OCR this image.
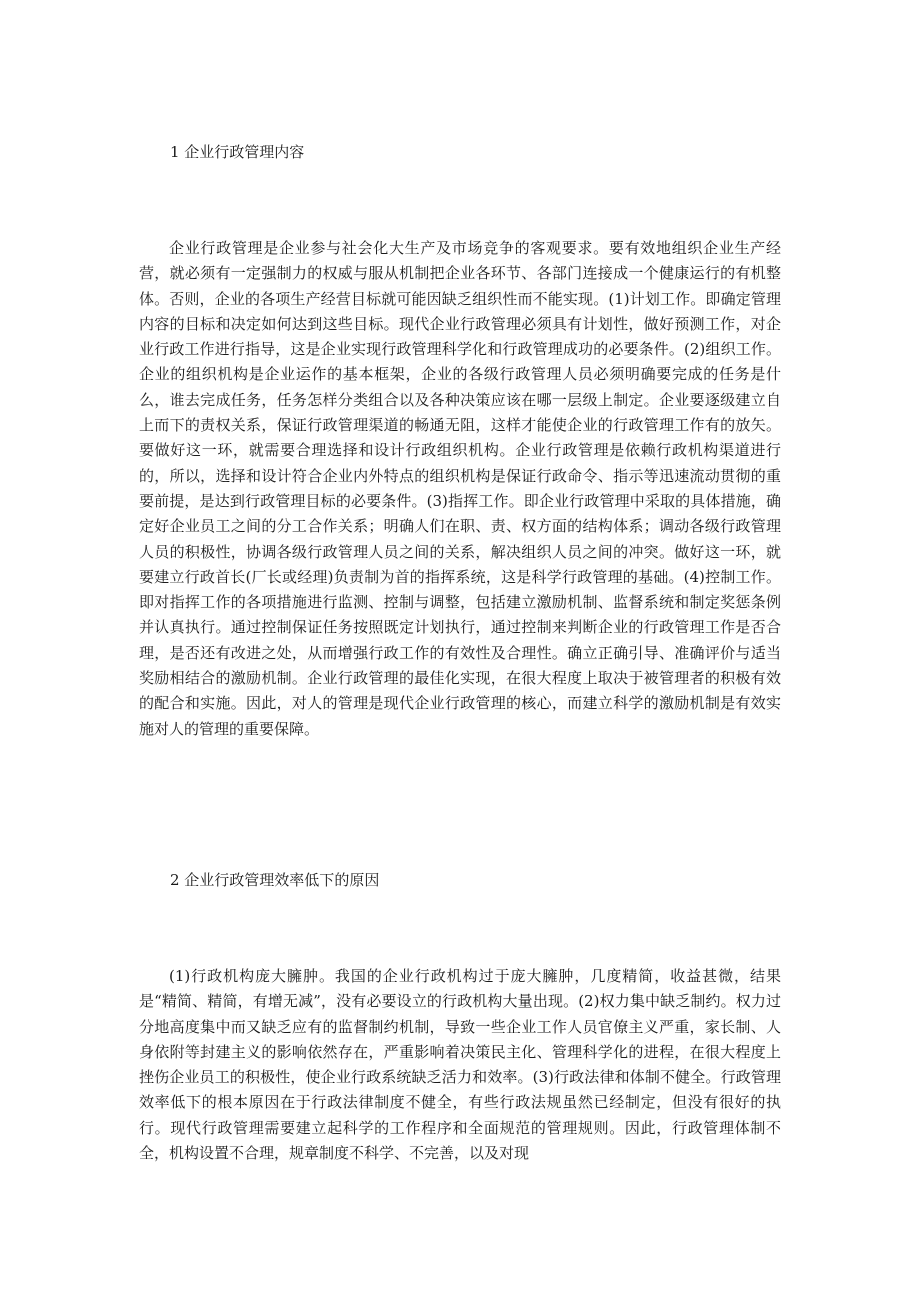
1 企业行政管理内容

企业行政管理是企业参与社会化大生产及市场竞争的客观要求。要有效地组织企业生产经营，就必须有一定强制力的权威与服从机制把企业各环节、各部门连接成一个健康运行的有机整体。否则，企业的各项生产经营目标就可能因缺乏组织性而不能实现。(1)计划工作。即确定管理内容的目标和决定如何达到这些目标。现代企业行政管理必须具有计划性，做好预测工作，对企业行政工作进行指导，这是企业实现行政管理科学化和行政管理成功的必要条件。(2)组织工作。企业的组织机构是企业运作的基本框架，企业的各级行政管理人员必须明确要完成的任务是什么，谁去完成任务，任务怎样分类组合以及各种决策应该在哪一层级上制定。企业要逐级建立自上而下的责权关系，保证行政管理渠道的畅通无阻，这样才能使企业的行政管理工作有的放矢。要做好这一环，就需要合理选择和设计行政组织机构。企业行政管理是依赖行政机构渠道进行的，所以，选择和设计符合企业内外特点的组织机构是保证行政命令、指示等迅速流动贯彻的重要前提，是达到行政管理目标的必要条件。(3)指挥工作。即企业行政管理中采取的具体措施，确定好企业员工之间的分工合作关系；明确人们在职、责、权方面的结构体系；调动各级行政管理人员的积极性，协调各级行政管理人员之间的关系，解决组织人员之间的冲突。做好这一环，就要建立行政首长(厂长或经理)负责制为首的指挥系统，这是科学行政管理的基础。(4)控制工作。即对指挥工作的各项措施进行监测、控制与调整，包括建立激励机制、监督系统和制定奖惩条例并认真执行。通过控制保证任务按照既定计划执行，通过控制来判断企业的行政管理工作是否合理，是否还有改进之处，从而增强行政工作的有效性及合理性。确立正确引导、准确评价与适当奖励相结合的激励机制。企业行政管理的最佳化实现，在很大程度上取决于被管理者的积极有效的配合和实施。因此，对人的管理是现代企业行政管理的核心，而建立科学的激励机制是有效实施对人的管理的重要保障。

2 企业行政管理效率低下的原因

(1)行政机构庞大臃肿。我国的企业行政机构过于庞大臃肿，几度精简，收益甚微，结果是“精简、精简，有增无减”，没有必要设立的行政机构大量出现。(2)权力集中缺乏制约。权力过分地高度集中而又缺乏应有的监督制约机制，导致一些企业工作人员官僚主义严重，家长制、人身依附等封建主义的影响依然存在，严重影响着决策民主化、管理科学化的进程，在很大程度上挫伤企业员工的积极性，使企业行政系统缺乏活力和效率。(3)行政法律和体制不健全。行政管理效率低下的根本原因在于行政法律制度不健全，有些行政法规虽然已经制定，但没有很好的执行。现代行政管理需要建立起科学的工作程序和全面规范的管理规则。因此，行政管理体制不全，机构设置不合理，规章制度不科学、不完善，以及对现
